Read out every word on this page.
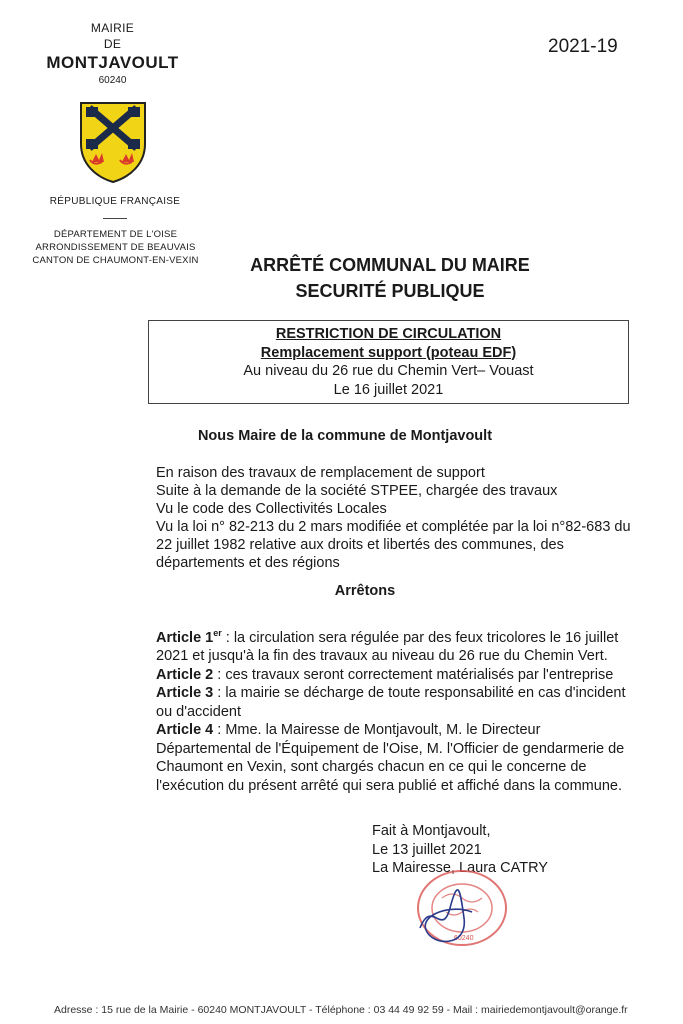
MAIRIE
DE
MONTJAVOULT
60240
RÉPUBLIQUE FRANÇAISE
DÉPARTEMENT DE L'OISE
ARRONDISSEMENT DE BEAUVAIS
CANTON DE CHAUMONT-EN-VEXIN
2021-19
ARRÊTÉ COMMUNAL DU MAIRE
SECURITÉ PUBLIQUE
RESTRICTION DE CIRCULATION
Remplacement support (poteau EDF)
Au niveau du 26 rue du Chemin Vert– Vouast
Le 16 juillet 2021
Nous Maire de la commune de Montjavoult

En raison des travaux de remplacement de support

Suite à la demande de la société STPEE, chargée des travaux

Vu le code des Collectivités Locales

Vu la loi n° 82-213 du 2 mars modifiée et complétée par la loi n°82-683 du 22 juillet 1982 relative aux droits et libertés des communes, des départements et des régions

Arrêtons

Article 1er : la circulation sera régulée par des feux tricolores le 16 juillet 2021 et jusqu'à la fin des travaux au niveau du 26 rue du Chemin Vert.

Article 2 : ces travaux seront correctement matérialisés par l'entreprise

Article 3 : la mairie se décharge de toute responsabilité en cas d'incident ou d'accident

Article 4 : Mme. la Mairesse de Montjavoult, M. le Directeur Départemental de l'Équipement de l'Oise, M. l'Officier de gendarmerie de Chaumont en Vexin, sont chargés chacun en ce qui le concerne de l'exécution du présent arrêté qui sera publié et affiché dans la commune.

Fait à Montjavoult,

Le 13 juillet 2021

La Mairesse, Laura CATRY

60240
Adresse : 15 rue de la Mairie - 60240 MONTJAVOULT - Téléphone : 03 44 49 92 59 - Mail : mairiedemontjavoult@orange.fr
